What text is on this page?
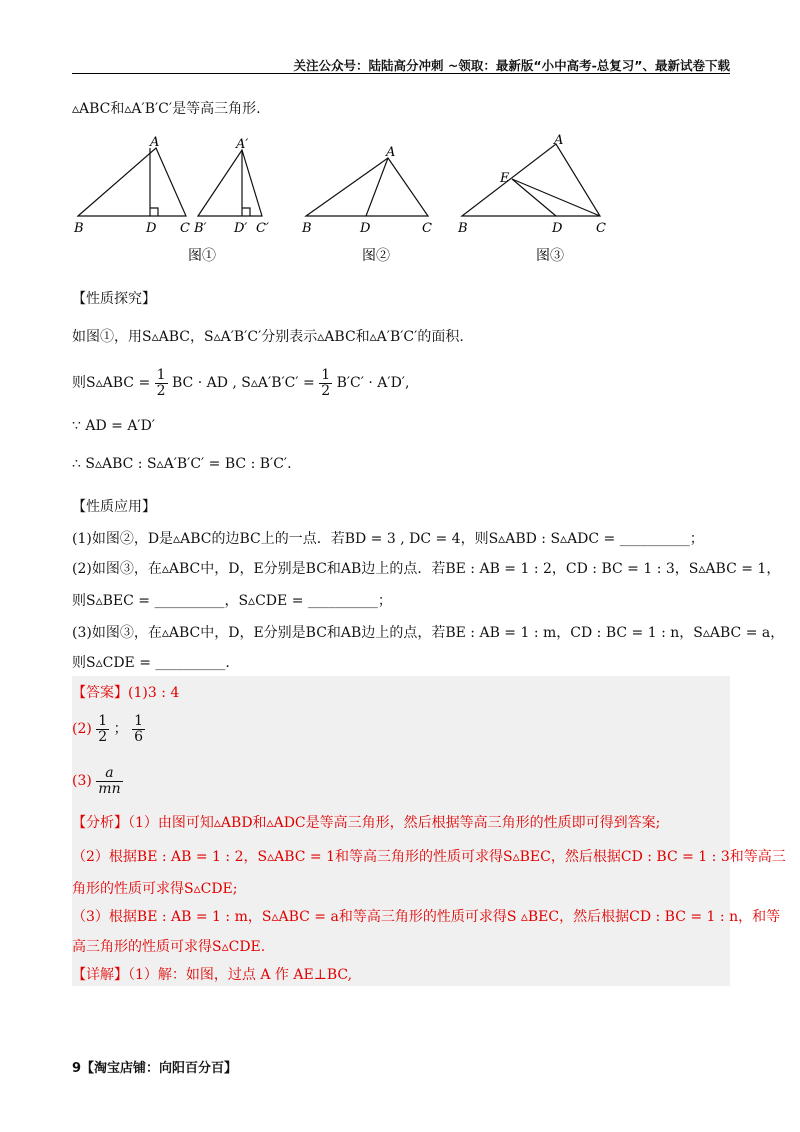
关注公众号：陆陆高分冲刺 ~领取：最新版“小中高考-总复习”、最新试卷下载
▵ABC和▵A′B′C′是等高三角形.
A
B	D C
A′
B′ D′ C′
图①
A
B	D	C
图②
A
E
B	D	C
图③
【性质探究】
如图①，用S▵ABC，S▵A′B′C′分别表示▵ABC和▵A′B′C′的面积.
则S▵ABC = $\frac{1}{2}$ BC · AD , S▵A′B′C′ = $\frac{1}{2} B'C' \cdot A'D'$,
∵ AD = A′D′
∴ S▵ABC : S▵A′B′C′ = BC : B′C′.
【性质应用】
(1)如图②，D是▵ABC的边BC上的一点．若BD = 3 , DC = 4，则S▵ABD : S▵ADC = __________；
(2)如图③，在▵ABC中，D，E分别是BC和AB边上的点．若BE : AB = 1 : 2，CD : BC = 1 : 3，S▵ABC = 1，
则S▵BEC = __________，S▵CDE = __________；
(3)如图③，在▵ABC中，D，E分别是BC和AB边上的点，若BE : AB = 1 : m，CD : BC = 1 : n，S▵ABC = a，
则S▵CDE = __________.
【答案】(1)3 : 4
$(2) \frac{1}{2}$ ； $\frac{1}{6}$
$(3) \frac{a}{mn}$
【分析】（1）由图可知▵ABD和▵ADC是等高三角形，然后根据等高三角形的性质即可得到答案;
（2）根据BE : AB = 1 : 2，S▵ABC = 1和等高三角形的性质可求得S▵BEC，然后根据CD : BC = 1 : 3和等高三
角形的性质可求得S▵CDE;
（3）根据BE : AB = 1 : m，S▵ABC = a和等高三角形的性质可求得S ▵BEC，然后根据CD : BC = 1 : n，和等
高三角形的性质可求得S▵CDE.
【详解】（1）解：如图，过点 A 作 AE⊥BC,
9【淘宝店铺：向阳百分百】
